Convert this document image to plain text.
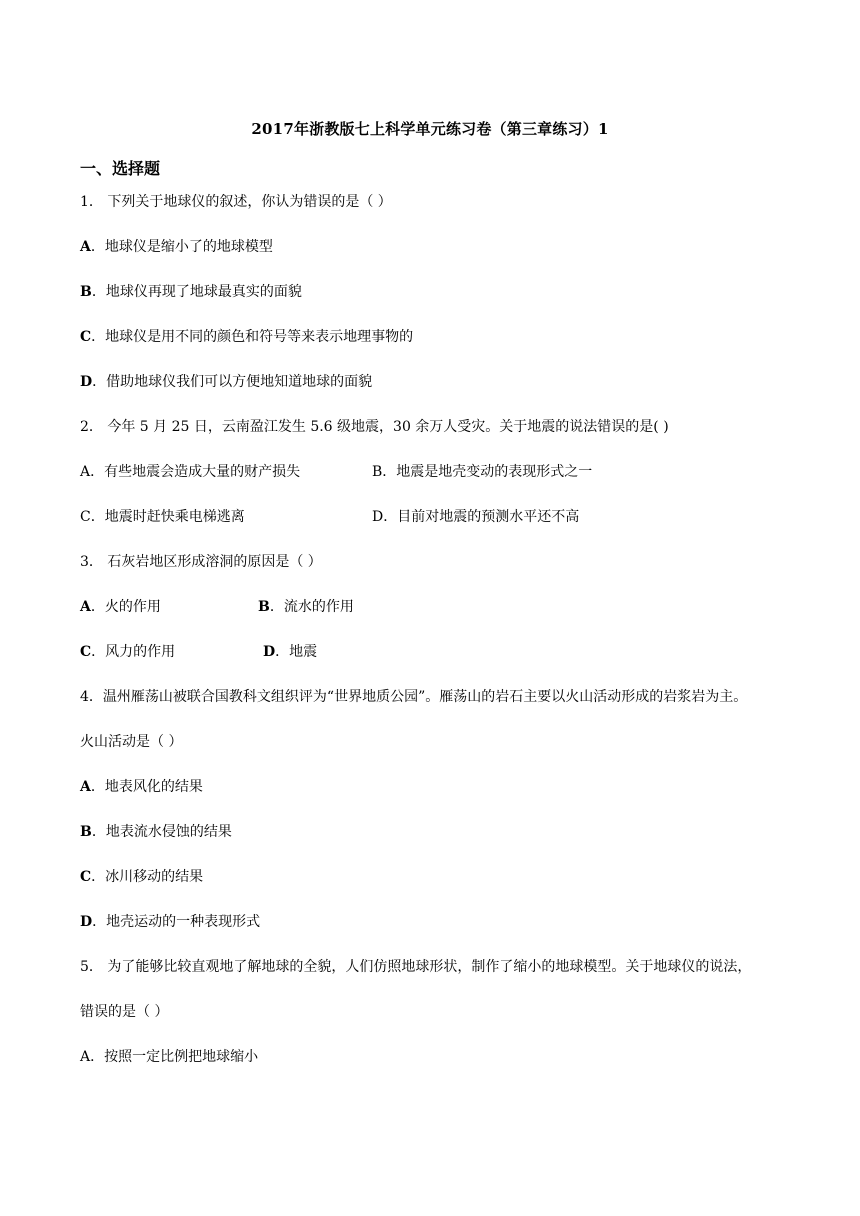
2017年浙教版七上科学单元练习卷（第三章练习）1
一、选择题
1． 下列关于地球仪的叙述，你认为错误的是（ ）
A．地球仪是缩小了的地球模型
B．地球仪再现了地球最真实的面貌
C．地球仪是用不同的颜色和符号等来表示地理事物的
D．借助地球仪我们可以方便地知道地球的面貌
2． 今年 5 月 25 日，云南盈江发生 5.6 级地震，30 余万人受灾。关于地震的说法错误的是( )
A．有些地震会造成大量的财产损失	B．地震是地壳变动的表现形式之一
C．地震时赶快乘电梯逃离	D．目前对地震的预测水平还不高
3． 石灰岩地区形成溶洞的原因是（ ）
A．火的作用	B．流水的作用
C．风力的作用	D．地震
4．温州雁荡山被联合国教科文组织评为“世界地质公园”。雁荡山的岩石主要以火山活动形成的岩浆岩为主。
火山活动是（ ）
A．地表风化的结果
B．地表流水侵蚀的结果
C．冰川移动的结果
D．地壳运动的一种表现形式
5． 为了能够比较直观地了解地球的全貌，人们仿照地球形状，制作了缩小的地球模型。关于地球仪的说法，
错误的是（ ）
A．按照一定比例把地球缩小
